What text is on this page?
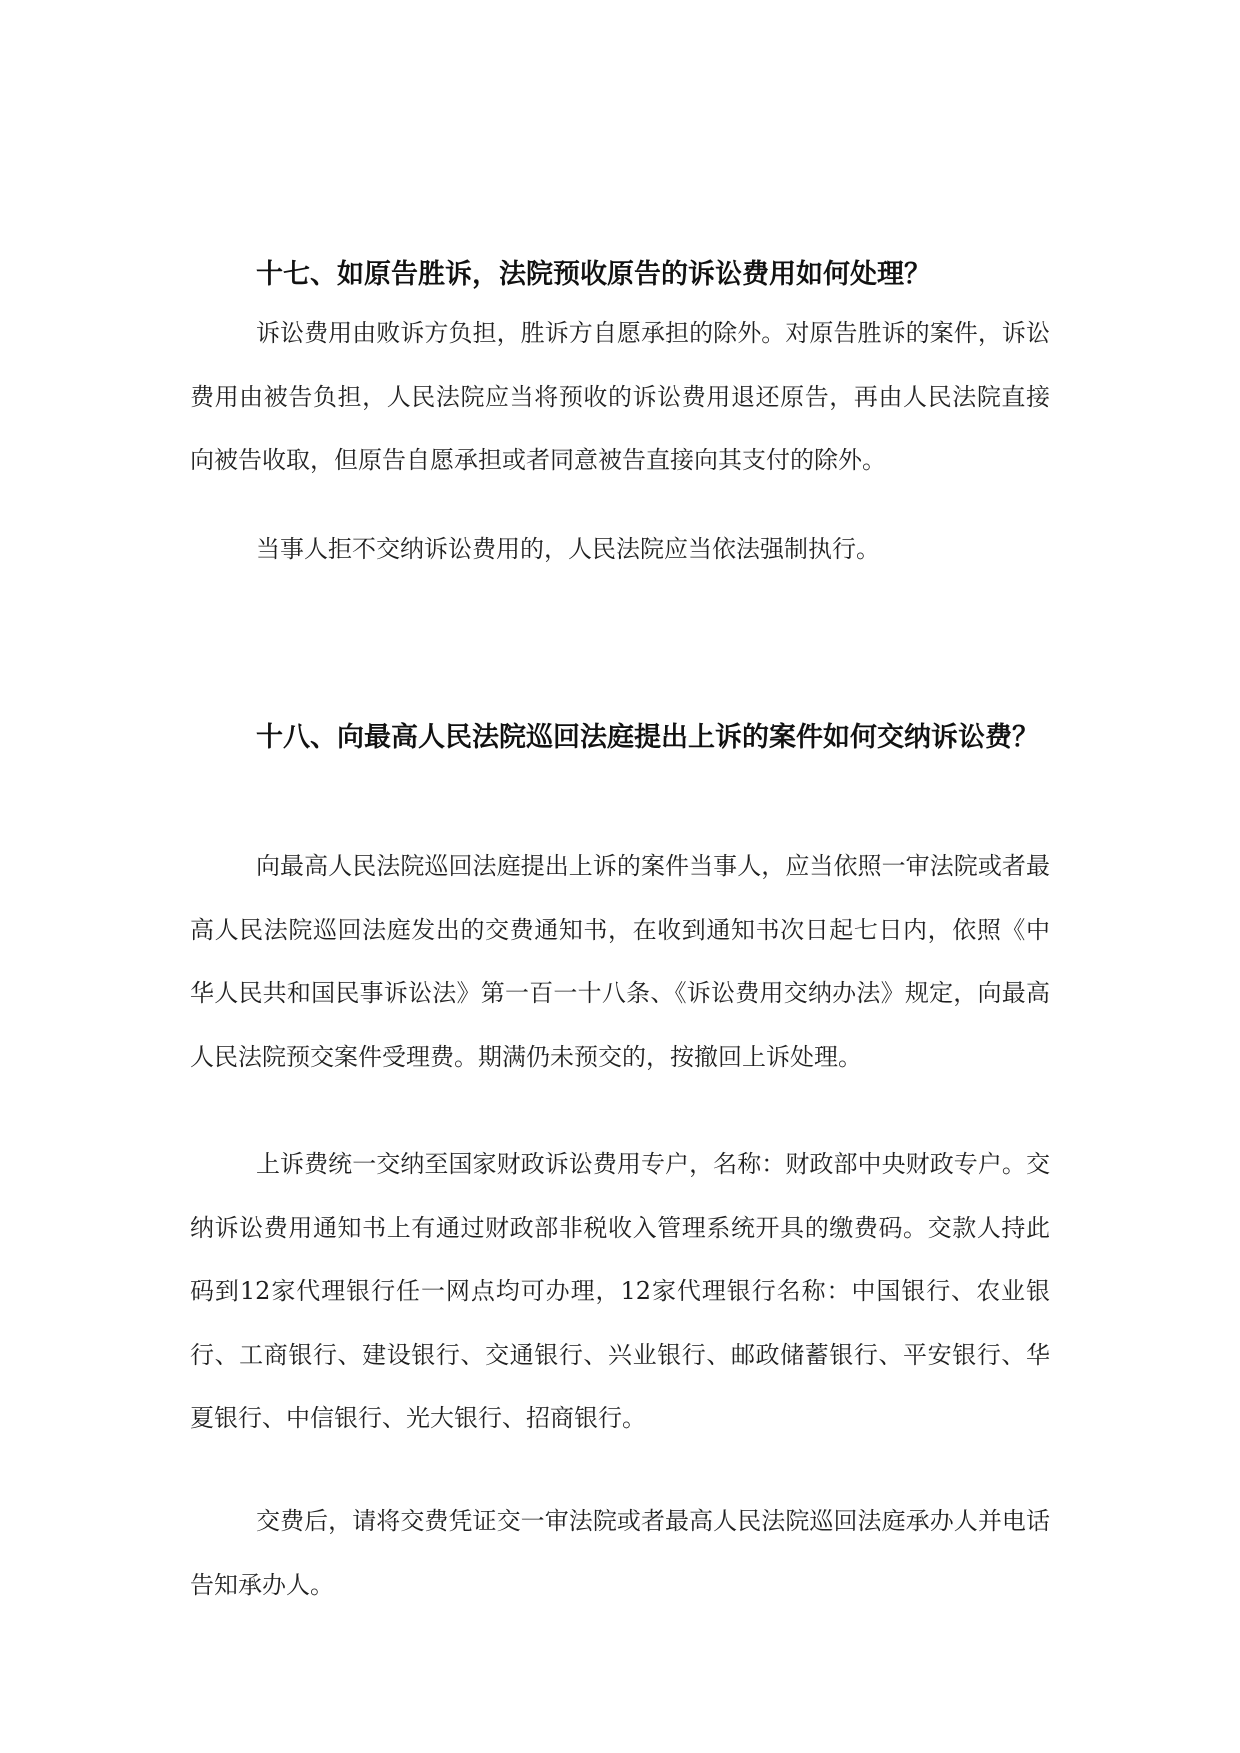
十七、如原告胜诉，法院预收原告的诉讼费用如何处理？

诉讼费用由败诉方负担，胜诉方自愿承担的除外。对原告胜诉的案件，诉讼费用由被告负担，人民法院应当将预收的诉讼费用退还原告，再由人民法院直接向被告收取，但原告自愿承担或者同意被告直接向其支付的除外。

当事人拒不交纳诉讼费用的，人民法院应当依法强制执行。

十八、向最高人民法院巡回法庭提出上诉的案件如何交纳诉讼费？

向最高人民法院巡回法庭提出上诉的案件当事人，应当依照一审法院或者最高人民法院巡回法庭发出的交费通知书，在收到通知书次日起七日内，依照《中华人民共和国民事诉讼法》第一百一十八条、《诉讼费用交纳办法》规定，向最高人民法院预交案件受理费。期满仍未预交的，按撤回上诉处理。

上诉费统一交纳至国家财政诉讼费用专户，名称：财政部中央财政专户。交纳诉讼费用通知书上有通过财政部非税收入管理系统开具的缴费码。交款人持此码到12家代理银行任一网点均可办理，12家代理银行名称：中国银行、农业银行、工商银行、建设银行、交通银行、兴业银行、邮政储蓄银行、平安银行、华夏银行、中信银行、光大银行、招商银行。

交费后，请将交费凭证交一审法院或者最高人民法院巡回法庭承办人并电话告知承办人。
